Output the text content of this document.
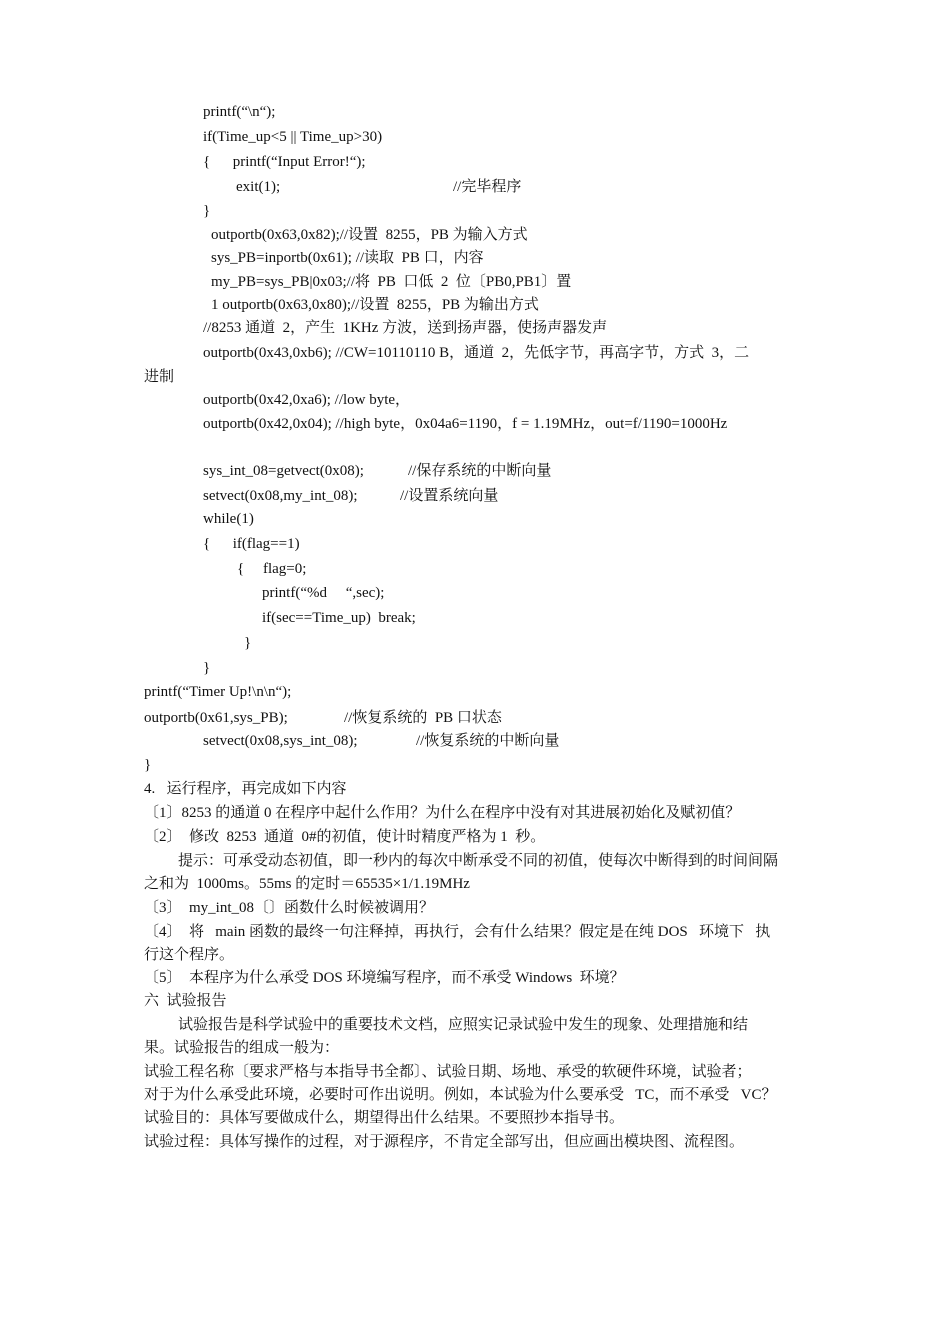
printf(“\n“);
if(Time_up<5 || Time_up>30)
{      printf(“Input Error!“);
exit(1);	//完毕程序
}
outportb(0x63,0x82);//设置  8255，PB 为输入方式
sys_PB=inportb(0x61); //读取  PB 口，内容
my_PB=sys_PB|0x03;//将  PB  口低  2  位〔PB0,PB1〕置
1 outportb(0x63,0x80);//设置  8255，PB 为输出方式
//8253 通道  2，产生  1KHz 方波，送到扬声器，使扬声器发声
outportb(0x43,0xb6); //CW=10110110 B，通道  2，先低字节，再高字节，方式  3，二
进制
outportb(0x42,0xa6); //low byte，
outportb(0x42,0x04); //high byte，0x04a6=1190，f = 1.19MHz，out=f/1190=1000Hz
sys_int_08=getvect(0x08);	//保存系统的中断向量
setvect(0x08,my_int_08);	//设置系统向量
while(1)
{      if(flag==1)
{     flag=0;
printf(“%d     “,sec);
if(sec==Time_up)  break;
}
}
printf(“Timer Up!\n\n“);
outportb(0x61,sys_PB);	//恢复系统的  PB 口状态
setvect(0x08,sys_int_08);	//恢复系统的中断向量
}
4.   运行程序，再完成如下内容
〔1〕8253 的通道 0 在程序中起什么作用？为什么在程序中没有对其进展初始化及赋初值？
〔2〕  修改  8253  通道  0#的初值，使计时精度严格为 1  秒。
提示：可承受动态初值，即一秒内的每次中断承受不同的初值，使每次中断得到的时间间隔
之和为  1000ms。55ms 的定时＝65535×1/1.19MHz
〔3〕  my_int_08〔〕函数什么时候被调用？
〔4〕  将   main 函数的最终一句注释掉，再执行，会有什么结果？假定是在纯 DOS   环境下   执
行这个程序。
〔5〕  本程序为什么承受 DOS 环境编写程序，而不承受 Windows  环境？
六  试验报告
试验报告是科学试验中的重要技术文档，应照实记录试验中发生的现象、处理措施和结
果。试验报告的组成一般为：
试验工程名称〔要求严格与本指导书全都〕、试验日期、场地、承受的软硬件环境，试验者；
对于为什么承受此环境，必要时可作出说明。例如，本试验为什么要承受   TC，而不承受   VC？
试验目的：具体写要做成什么，期望得出什么结果。不要照抄本指导书。
试验过程：具体写操作的过程，对于源程序，不肯定全部写出，但应画出模块图、流程图。
